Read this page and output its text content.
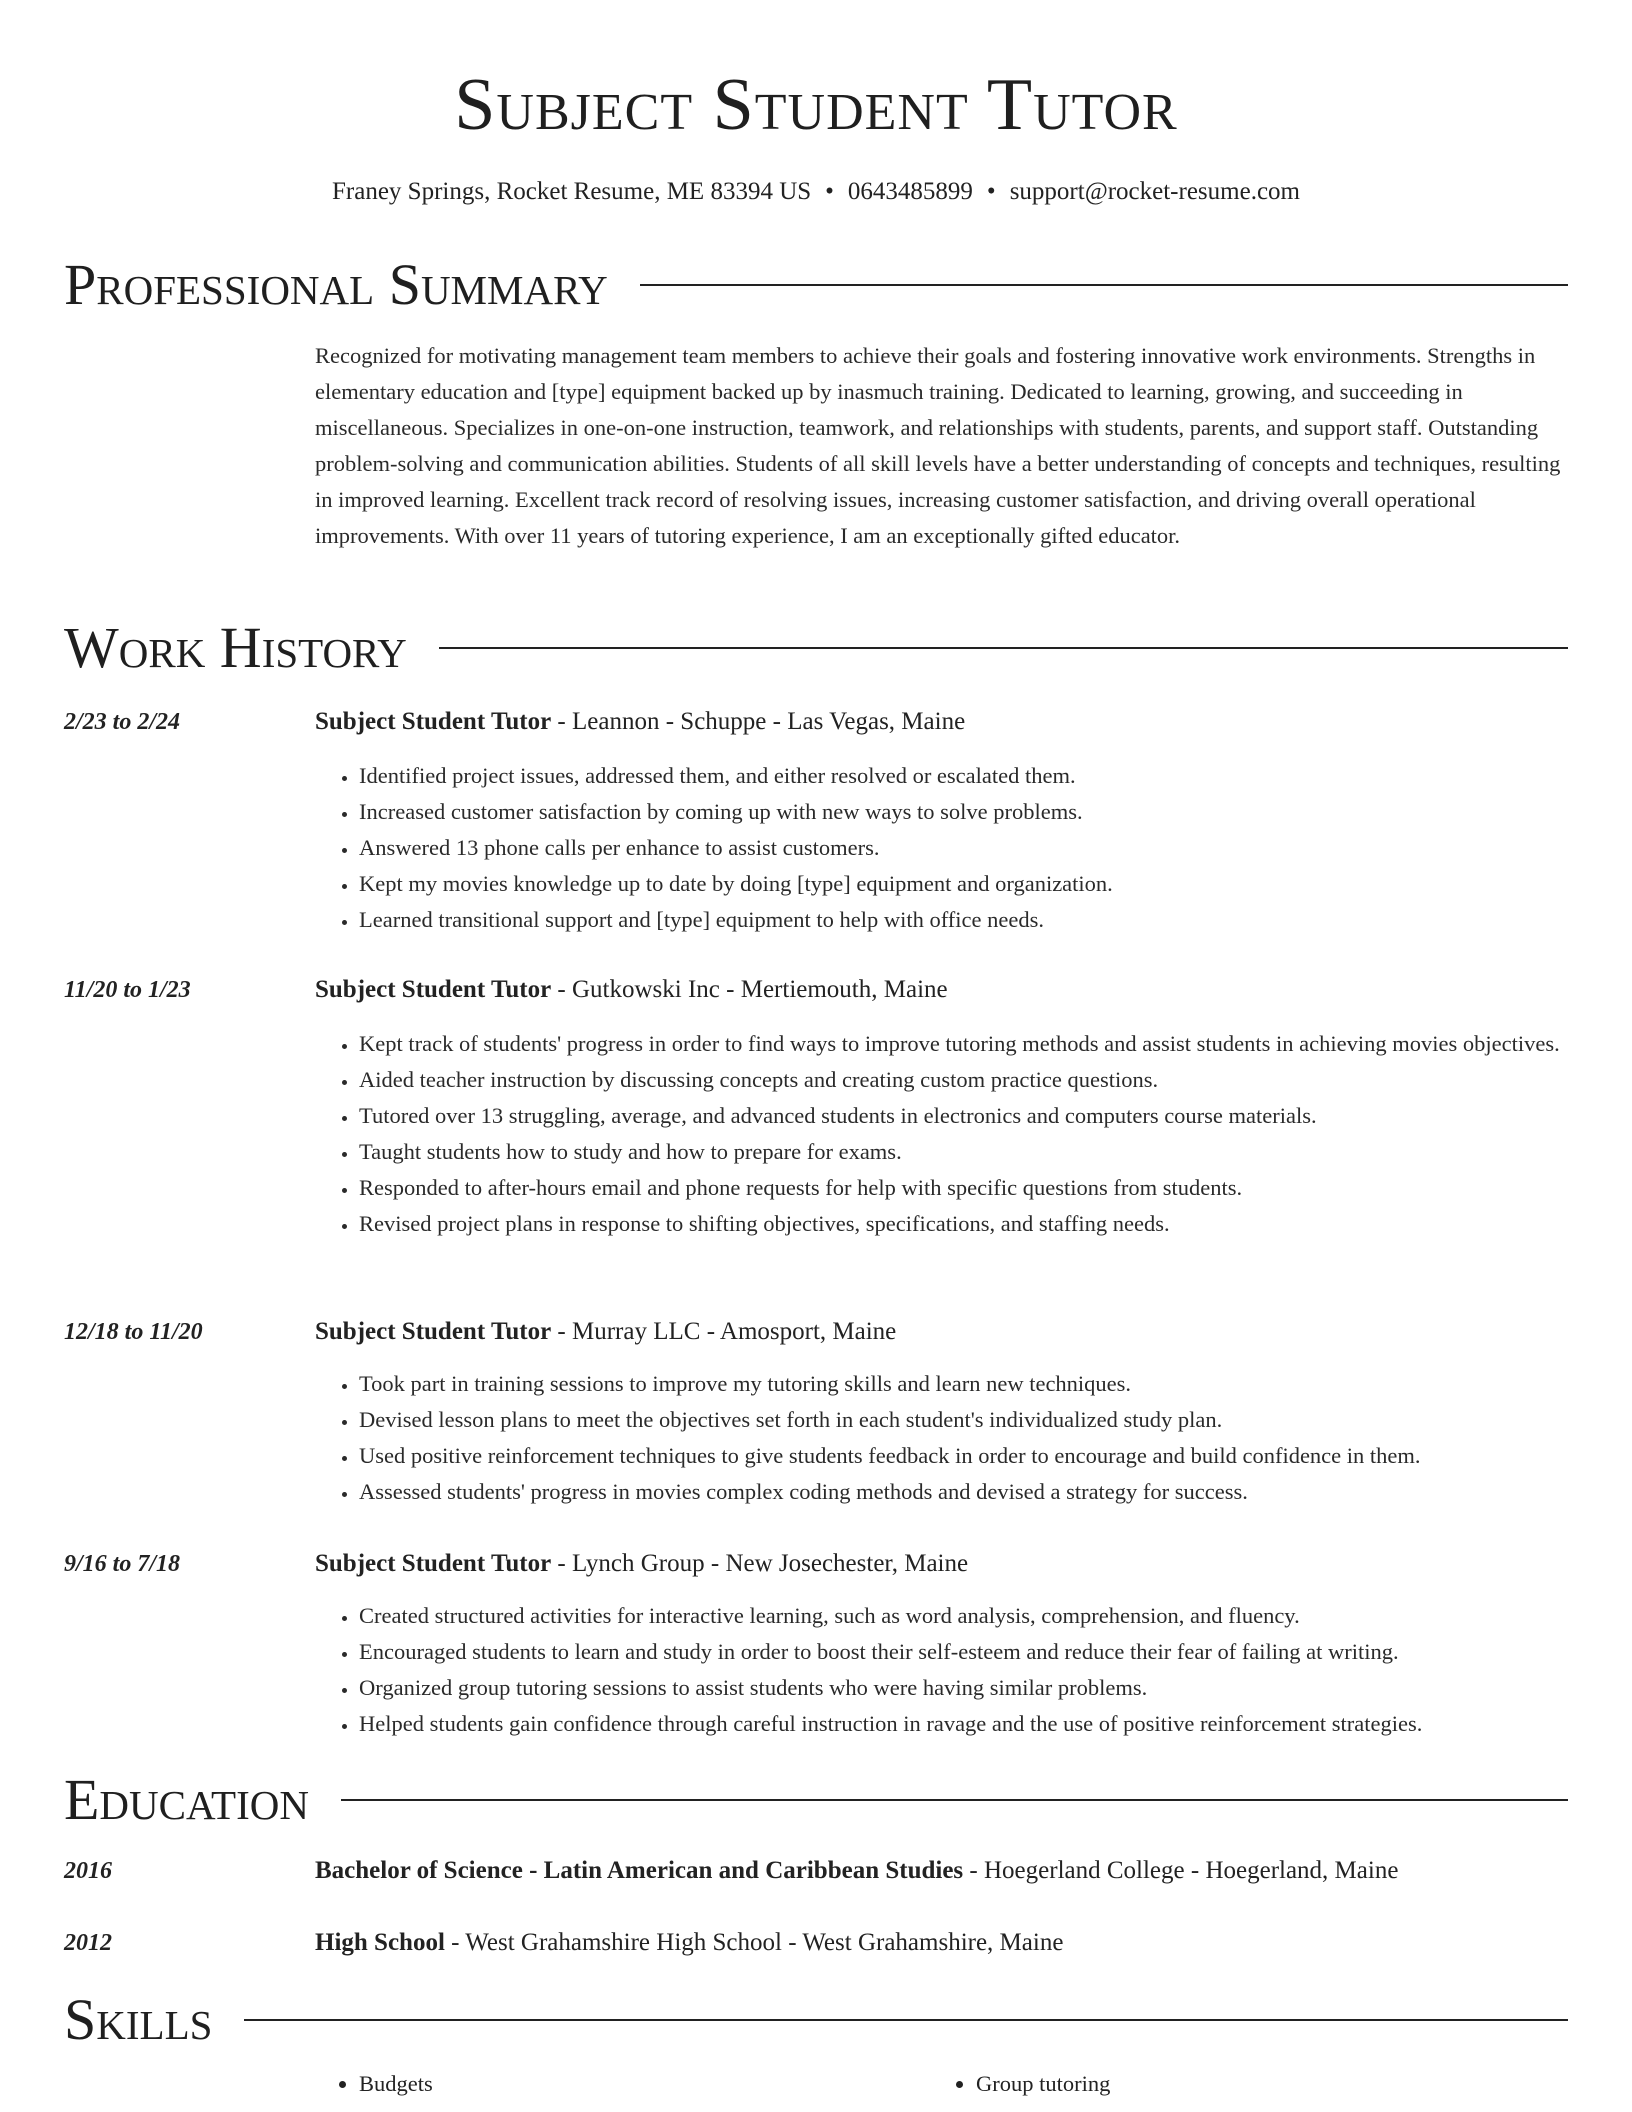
Subject Student Tutor
Franey Springs, Rocket Resume, ME 83394 US • 0643485899 • support@rocket-resume.com
Professional Summary

Recognized for motivating management team members to achieve their goals and fostering innovative work environments. Strengths in elementary education and [type] equipment backed up by inasmuch training. Dedicated to learning, growing, and succeeding in miscellaneous. Specializes in one-on-one instruction, teamwork, and relationships with students, parents, and support staff. Outstanding problem-solving and communication abilities. Students of all skill levels have a better understanding of concepts and techniques, resulting in improved learning. Excellent track record of resolving issues, increasing customer satisfaction, and driving overall operational improvements. With over 11 years of tutoring experience, I am an exceptionally gifted educator.

Work History
2/23 to 2/24	Subject Student Tutor - Leannon - Schuppe - Las Vegas, Maine
• Identified project issues, addressed them, and either resolved or escalated them.
• Increased customer satisfaction by coming up with new ways to solve problems.
• Answered 13 phone calls per enhance to assist customers.
• Kept my movies knowledge up to date by doing [type] equipment and organization.
• Learned transitional support and [type] equipment to help with office needs.
11/20 to 1/23	Subject Student Tutor - Gutkowski Inc - Mertiemouth, Maine
• Kept track of students' progress in order to find ways to improve tutoring methods and assist students in achieving movies objectives.
• Aided teacher instruction by discussing concepts and creating custom practice questions.
• Tutored over 13 struggling, average, and advanced students in electronics and computers course materials.
• Taught students how to study and how to prepare for exams.
• Responded to after-hours email and phone requests for help with specific questions from students.
• Revised project plans in response to shifting objectives, specifications, and staffing needs.
12/18 to 11/20	Subject Student Tutor - Murray LLC - Amosport, Maine
• Took part in training sessions to improve my tutoring skills and learn new techniques.
• Devised lesson plans to meet the objectives set forth in each student's individualized study plan.
• Used positive reinforcement techniques to give students feedback in order to encourage and build confidence in them.
• Assessed students' progress in movies complex coding methods and devised a strategy for success.
9/16 to 7/18	Subject Student Tutor - Lynch Group - New Josechester, Maine
• Created structured activities for interactive learning, such as word analysis, comprehension, and fluency.
• Encouraged students to learn and study in order to boost their self-esteem and reduce their fear of failing at writing.
• Organized group tutoring sessions to assist students who were having similar problems.
• Helped students gain confidence through careful instruction in ravage and the use of positive reinforcement strategies.
Education
2016	Bachelor of Science - Latin American and Caribbean Studies - Hoegerland College - Hoegerland, Maine
2012	High School - West Grahamshire High School - West Grahamshire, Maine
Skills
• Budgets
•	Group tutoring
